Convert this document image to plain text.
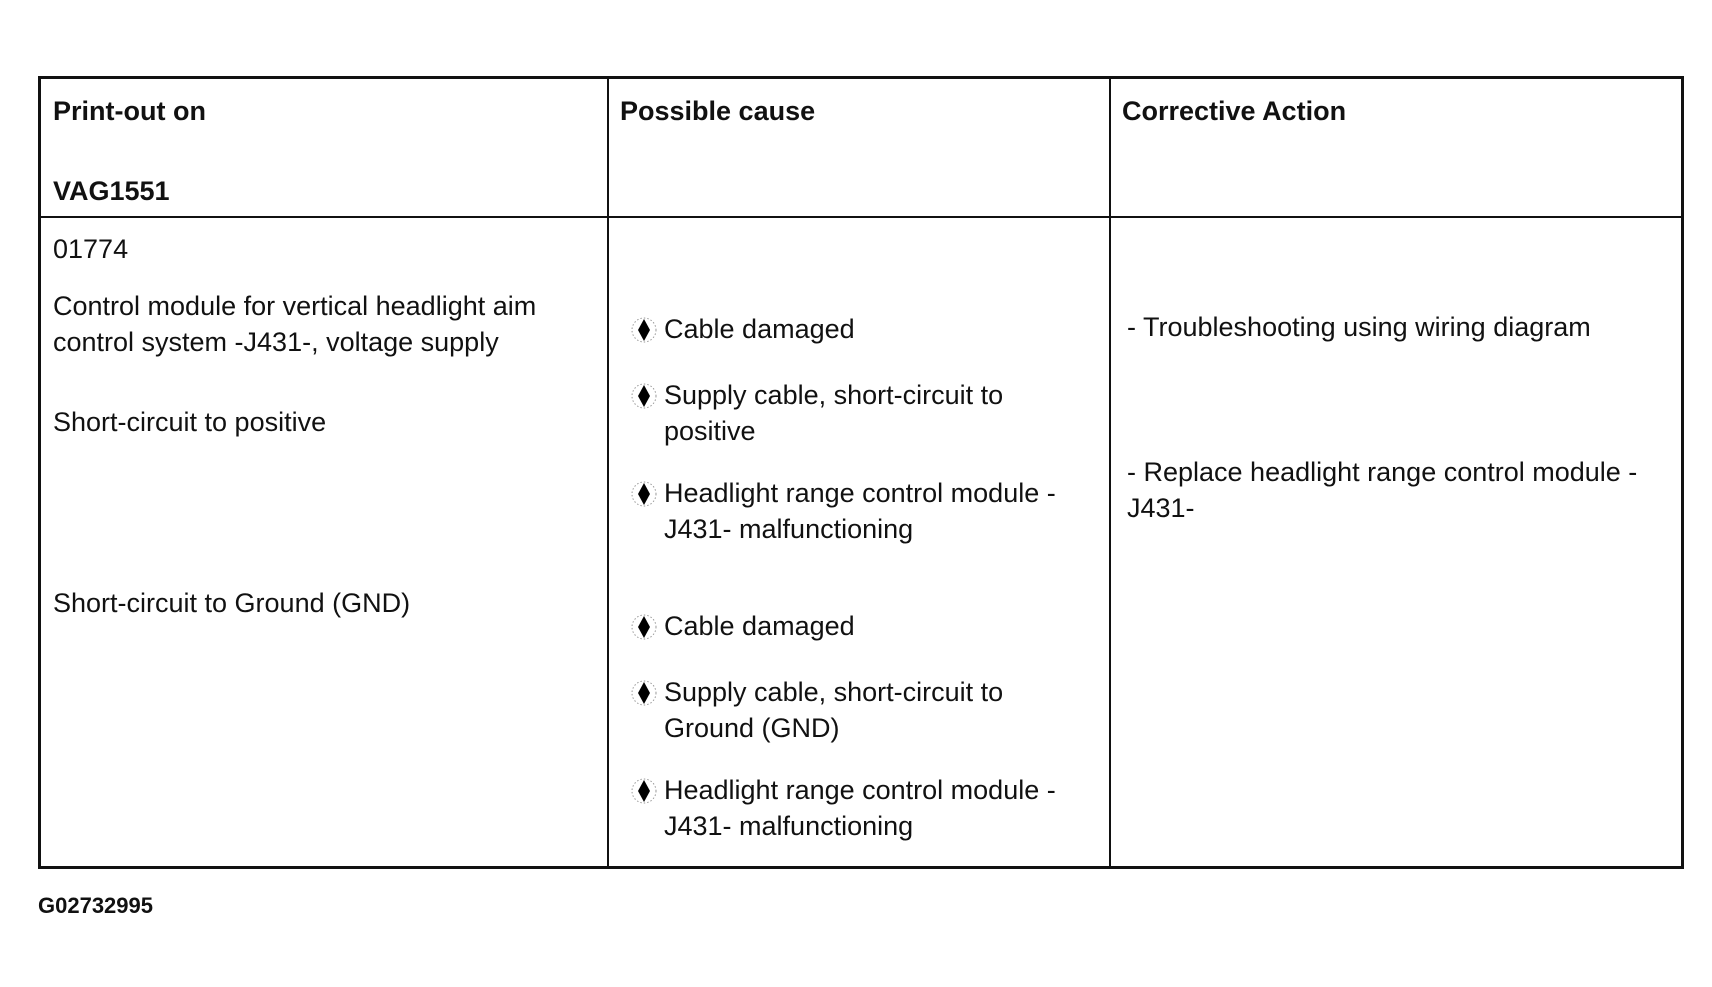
Print-out on
VAG1551
Possible cause	Corrective Action
01774
Control module for vertical headlight aim control system -J431-, voltage supply
Short-circuit to positive
Short-circuit to Ground (GND)
Cable damaged
Supply cable, short-circuit to positive
Headlight range control module -J431- malfunctioning
Cable damaged
Supply cable, short-circuit to Ground (GND)
Headlight range control module -J431- malfunctioning
- Troubleshooting using wiring diagram
- Replace headlight range control module -J431-
G02732995
